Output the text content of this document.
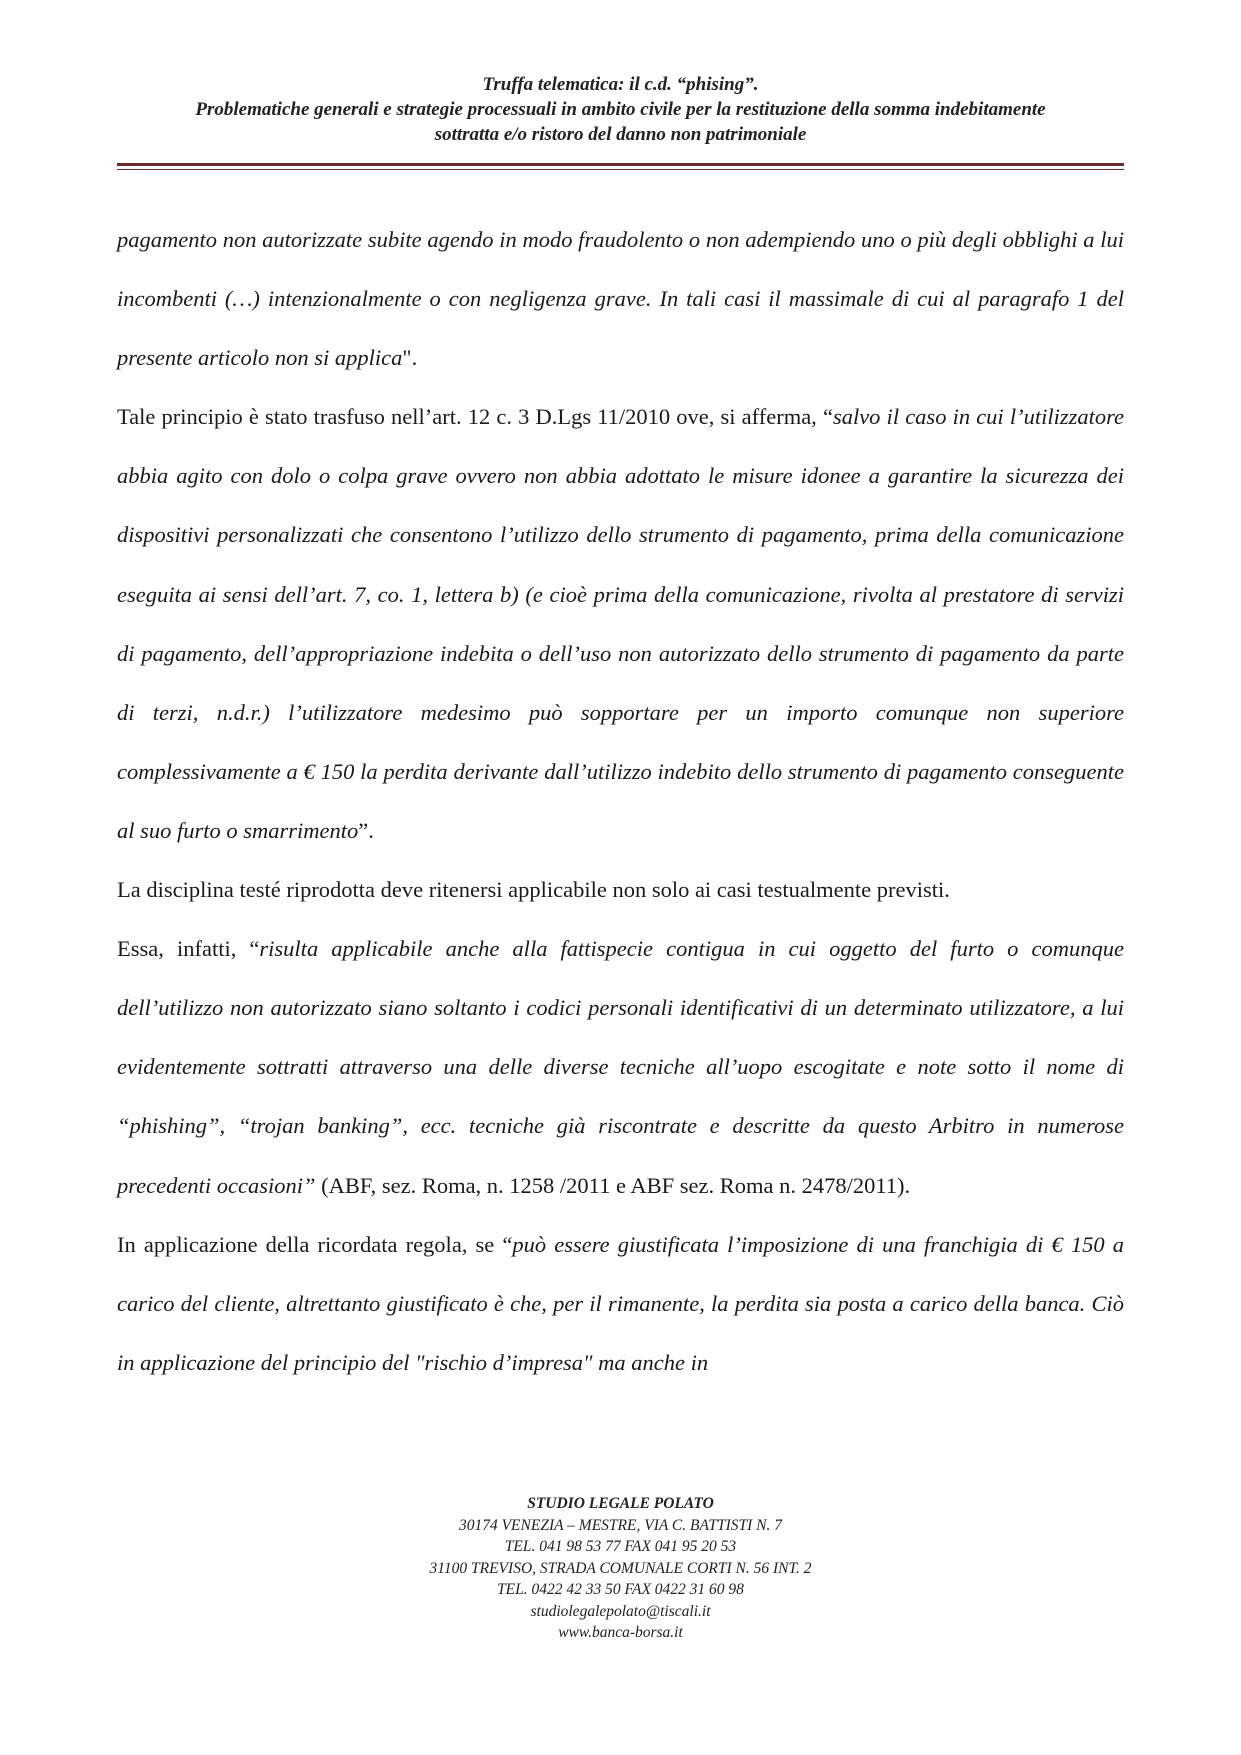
Truffa telematica: il c.d. “phising”.
Problematiche generali e strategie processuali in ambito civile per la restituzione della somma indebitamente
sottratta e/o ristoro del danno non patrimoniale

pagamento non autorizzate subite agendo in modo fraudolento o non adempiendo uno o più degli obblighi a lui incombenti (…) intenzionalmente o con negligenza grave. In tali casi il massimale di cui al paragrafo 1 del presente articolo non si applica".

Tale principio è stato trasfuso nell’art. 12 c. 3 D.Lgs 11/2010 ove, si afferma, “salvo il caso in cui l’utilizzatore abbia agito con dolo o colpa grave ovvero non abbia adottato le misure idonee a garantire la sicurezza dei dispositivi personalizzati che consentono l’utilizzo dello strumento di pagamento, prima della comunicazione eseguita ai sensi dell’art. 7, co. 1, lettera b) (e cioè prima della comunicazione, rivolta al prestatore di servizi di pagamento, dell’appropriazione indebita o dell’uso non autorizzato dello strumento di pagamento da parte di terzi, n.d.r.) l’utilizzatore medesimo può sopportare per un importo comunque non superiore complessivamente a € 150 la perdita derivante dall’utilizzo indebito dello strumento di pagamento conseguente al suo furto o smarrimento”.

La disciplina testé riprodotta deve ritenersi applicabile non solo ai casi testualmente previsti.

Essa, infatti, “risulta applicabile anche alla fattispecie contigua in cui oggetto del furto o comunque dell’utilizzo non autorizzato siano soltanto i codici personali identificativi di un determinato utilizzatore, a lui evidentemente sottratti attraverso una delle diverse tecniche all’uopo escogitate e note sotto il nome di “phishing”, “trojan banking”, ecc. tecniche già riscontrate e descritte da questo Arbitro in numerose precedenti occasioni” (ABF, sez. Roma, n. 1258 /2011 e ABF sez. Roma n. 2478/2011).

In applicazione della ricordata regola, se “può essere giustificata l’imposizione di una franchigia di € 150 a carico del cliente, altrettanto giustificato è che, per il rimanente, la perdita sia posta a carico della banca. Ciò in applicazione del principio del "rischio d’impresa" ma anche in

STUDIO LEGALE POLATO
30174 VENEZIA – MESTRE, VIA C. BATTISTI N. 7
TEL. 041 98 53 77 FAX 041 95 20 53
31100 TREVISO, STRADA COMUNALE CORTI N. 56 INT. 2
TEL. 0422 42 33 50 FAX 0422 31 60 98
studiolegalepolato@tiscali.it
www.banca-borsa.it
